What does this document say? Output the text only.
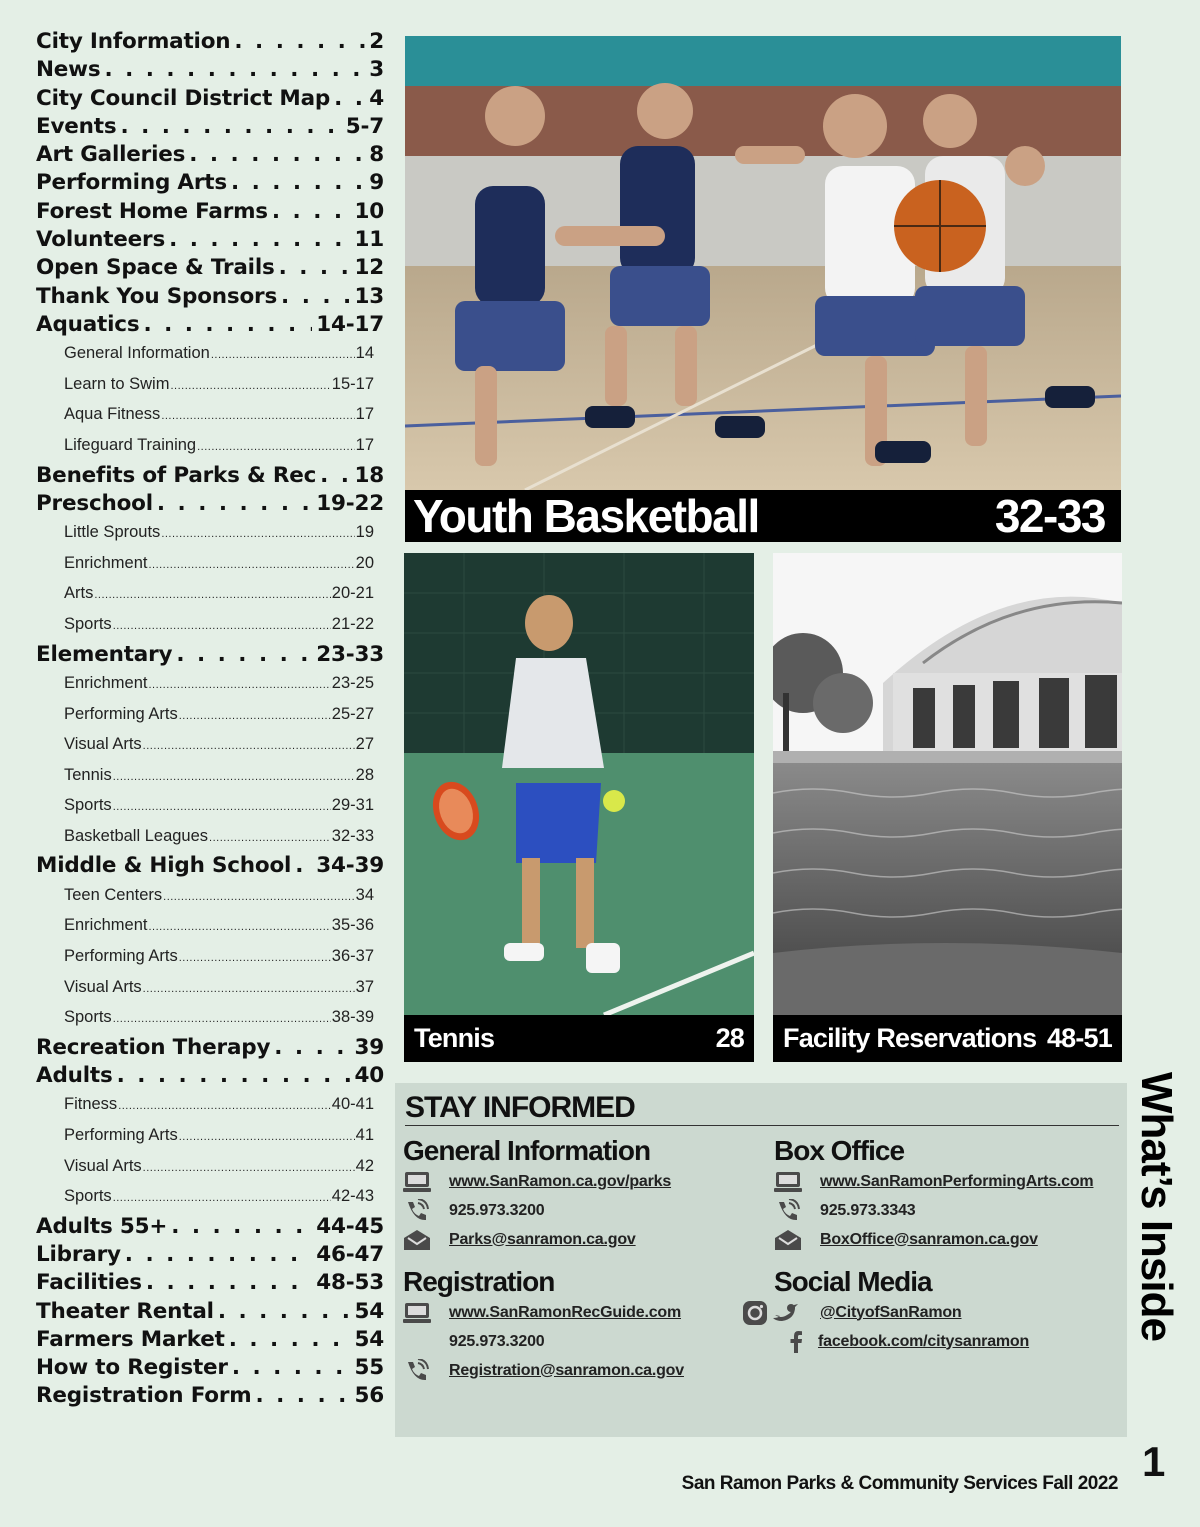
City Information . . .	2
News . . .	3
City Council District Map . . . 4
Events . . .	5-7
Art Galleries . . .	8
Performing Arts . . .	9
Forest Home Farms . . .	10
Volunteers . . .	11
Open Space & Trails . . .	12
Thank You Sponsors . . .	13
Aquatics . . .	14-17
General Information .....	14
Learn to Swim .....	15-17
Aqua Fitness .....	17
Lifeguard Training .....	17
Benefits of Parks & Rec . . . 18
Preschool . . .	19-22
Little Sprouts .....	19
Enrichment .....	20
Arts .....	20-21
Sports .....	21-22
Elementary . . .	23-33
Enrichment .....	23-25
Performing Arts .....	25-27
Visual Arts .....	27
Tennis .....	28
Sports .....	29-31
Basketball Leagues .....	32-33
Middle & High School . . . 34-39
Teen Centers .....	34
Enrichment .....	35-36
Performing Arts .....	36-37
Visual Arts .....	37
Sports .....	38-39
Recreation Therapy . . .	39
Adults . . .	40
Fitness .....	40-41
Performing Arts .....	41
Visual Arts .....	42
Sports .....	42-43
Adults 55+ . . .	44-45
Library . . .	46-47
Facilities . . .	48-53
Theater Rental . . .	54
Farmers Market . . .	54
How to Register . . .	55
Registration Form . . .	56
Youth Basketball	32-33
Tennis	28 Facility Reservations 48-51
STAY INFORMED
General Information
www.SanRamon.ca.gov/parks
925.973.3200
Parks@sanramon.ca.gov
Box Office
www.SanRamonPerformingArts.com
925.973.3343
BoxOffice@sanramon.ca.gov
Registration
www.SanRamonRecGuide.com
925.973.3200
Registration@sanramon.ca.gov
Social Media
@CityofSanRamon
facebook.com/citysanramon
What’s Inside
1
San Ramon Parks & Community Services Fall 2022
